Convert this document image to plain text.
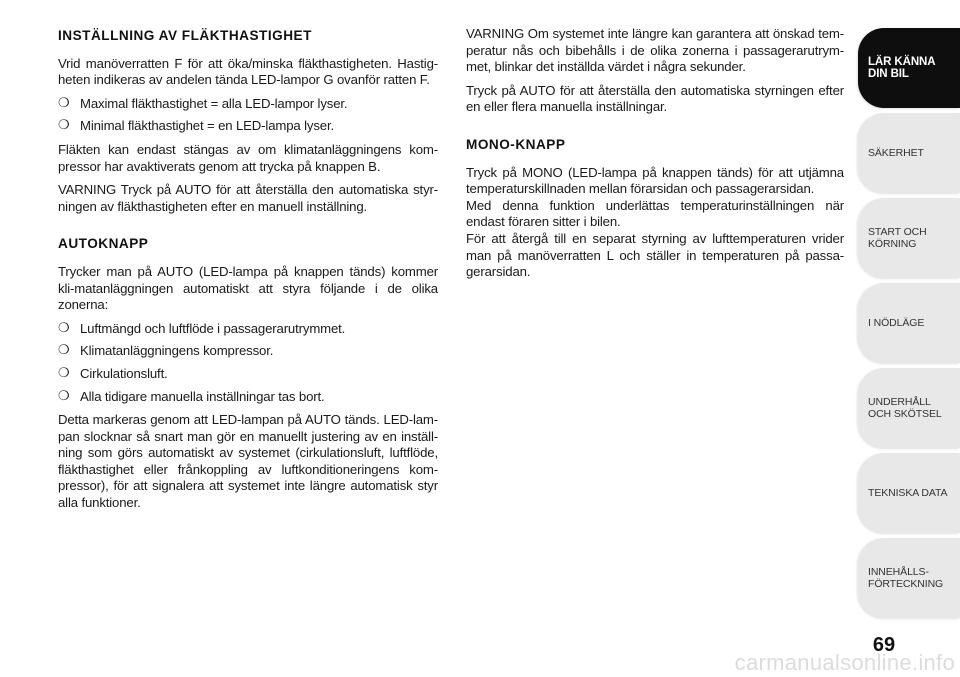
INSTÄLLNING AV FLÄKTHASTIGHET

Vrid manöverratten F för att öka/minska fläkthastigheten. Hastig-heten indikeras av andelen tända LED-lampor G ovanför ratten F.

❍ Maximal fläkthastighet = alla LED-lampor lyser.
❍ Minimal fläkthastighet = en LED-lampa lyser.

Fläkten kan endast stängas av om klimatanläggningens kom-pressor har avaktiverats genom att trycka på knappen B.

VARNING Tryck på AUTO för att återställa den automatiska styr-ningen av fläkthastigheten efter en manuell inställning.

AUTOKNAPP

Trycker man på AUTO (LED-lampa på knappen tänds) kommer kli-matanläggningen automatiskt att styra följande i de olika zonerna:

❍ Luftmängd och luftflöde i passagerarutrymmet.
❍ Klimatanläggningens kompressor.
❍ Cirkulationsluft.
❍ Alla tidigare manuella inställningar tas bort.

Detta markeras genom att LED-lampan på AUTO tänds. LED-lam-pan slocknar så snart man gör en manuellt justering av en inställ-ning som görs automatiskt av systemet (cirkulationsluft, luftflöde, fläkthastighet eller frånkoppling av luftkonditioneringens kom-pressor), för att signalera att systemet inte längre automatisk styr alla funktioner.

VARNING Om systemet inte längre kan garantera att önskad tem-peratur nås och bibehålls i de olika zonerna i passagerarutrym-met, blinkar det inställda värdet i några sekunder.

Tryck på AUTO för att återställa den automatiska styrningen efter en eller flera manuella inställningar.

MONO-KNAPP

Tryck på MONO (LED-lampa på knappen tänds) för att utjämna temperaturskillnaden mellan förarsidan och passagerarsidan.

Med denna funktion underlättas temperaturinställningen när endast föraren sitter i bilen.

För att återgå till en separat styrning av lufttemperaturen vrider man på manöverratten L och ställer in temperaturen på passa-gerarsidan.

LÄR KÄNNA
DIN BIL
SÄKERHET
START OCH
KÖRNING
I NÖDLÄGE
UNDERHÅLL
OCH SKÖTSEL
TEKNISKA DATA
INNEHÅLLS-
FÖRTECKNING
69
carmanualsonline.info
